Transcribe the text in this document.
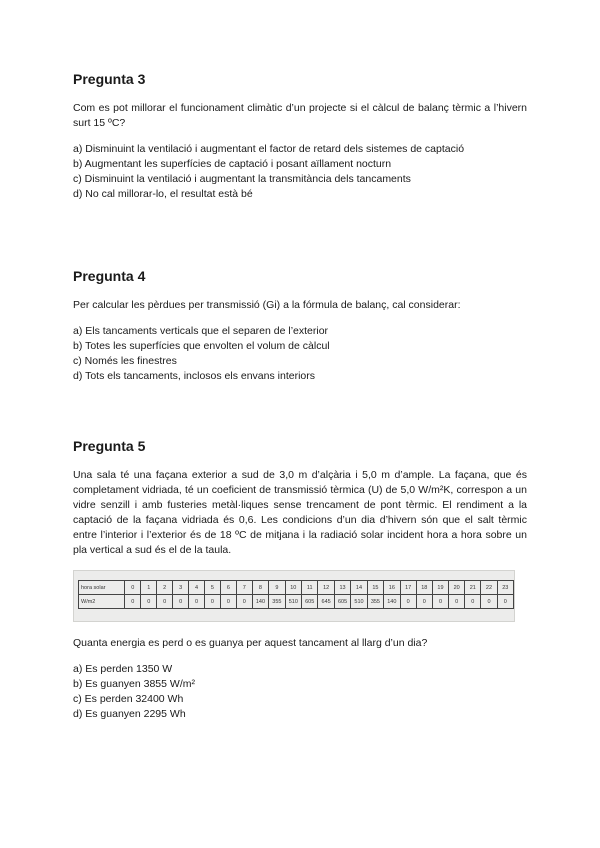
Pregunta 3
Com es pot millorar el funcionament climàtic d’un projecte si el càlcul de balanç tèrmic a l’hivern surt 15 ºC?
a) Disminuint la ventilació i augmentant el factor de retard dels sistemes de captació
b) Augmentant les superfícies de captació i posant aïllament nocturn
c) Disminuint la ventilació i augmentant la transmitància dels tancaments
d) No cal millorar-lo, el resultat està bé
Pregunta 4
Per calcular les pèrdues per transmissió (Gi) a la fórmula de balanç, cal considerar:
a) Els tancaments verticals que el separen de l’exterior
b) Totes les superfícies que envolten el volum de càlcul
c) Només les finestres
d) Tots els tancaments, inclosos els envans interiors
Pregunta 5
Una sala té una façana exterior a sud de 3,0 m d’alçària i 5,0 m d’ample. La façana, que és completament vidriada, té un coeficient de transmissió tèrmica (U) de 5,0 W/m²K, correspon a un vidre senzill i amb fusteries metàl·liques sense trencament de pont tèrmic. El rendiment a la captació de la façana vidriada és 0,6. Les condicions d’un dia d’hivern són que el salt tèrmic entre l’interior i l’exterior és de 18 ºC de mitjana i la radiació solar incident hora a hora sobre un pla vertical a sud és el de la taula.
hora solar	0	1	2	3	4	5	6	7	8	9	10	11	12	13	14	15	16	17	18	19	20	21	22	23
W/m2	0	0	0	0	0	0	0	0	140	355	510	605	645	605	510	355	140	0	0	0	0	0	0	0
Quanta energia es perd o es guanya per aquest tancament al llarg d’un dia?
a) Es perden 1350 W
b) Es guanyen 3855 W/m²
c) Es perden 32400 Wh
d) Es guanyen 2295 Wh
